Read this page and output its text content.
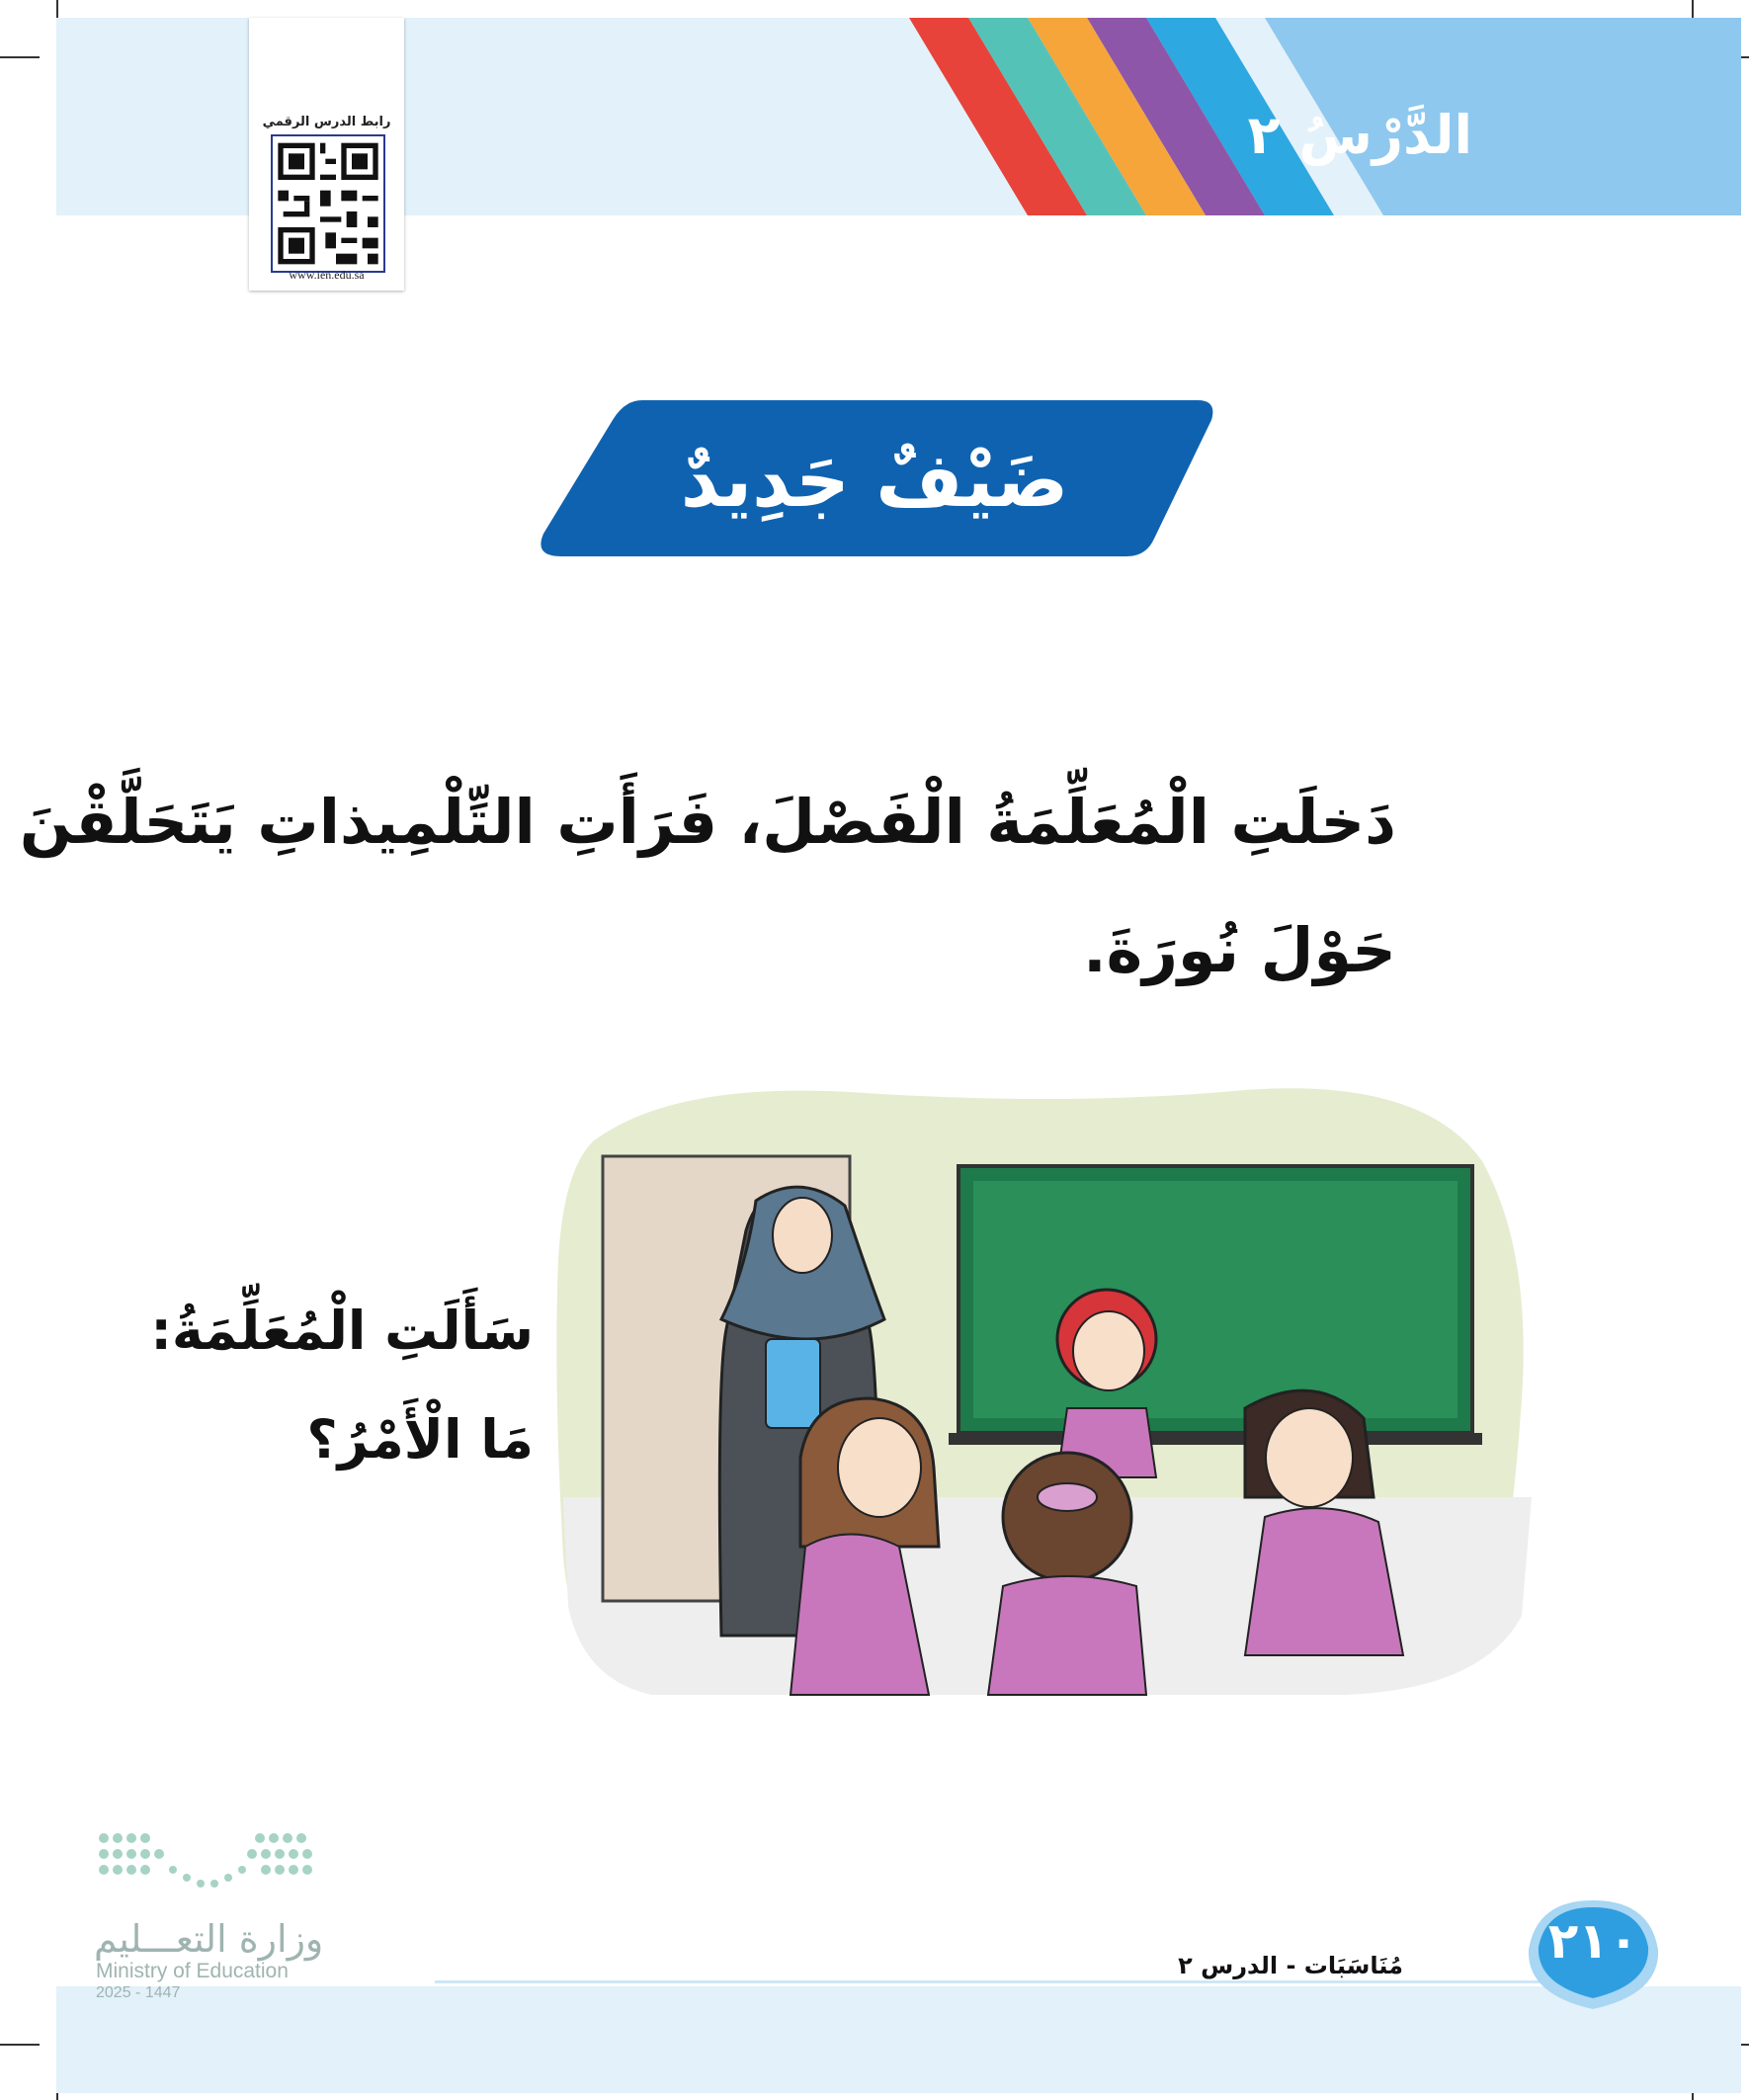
الدَّرْسُ ٢
رابط الدرس الرقمي
www.ien.edu.sa
ضَيْفٌ جَدِيدٌ
دَخلَتِ الْمُعَلِّمَةُ الْفَصْلَ، فَرَأَتِ التِّلْمِيذاتِ يَتَحَلَّقْنَ
حَوْلَ نُورَةَ.
سَأَلَتِ الْمُعَلِّمَةُ:
مَا الْأَمْرُ؟
٢١٠
مُنَاسَبَات - الدرس ٢
وزارة التعـــليم
Ministry of Education
2025 - 1447
